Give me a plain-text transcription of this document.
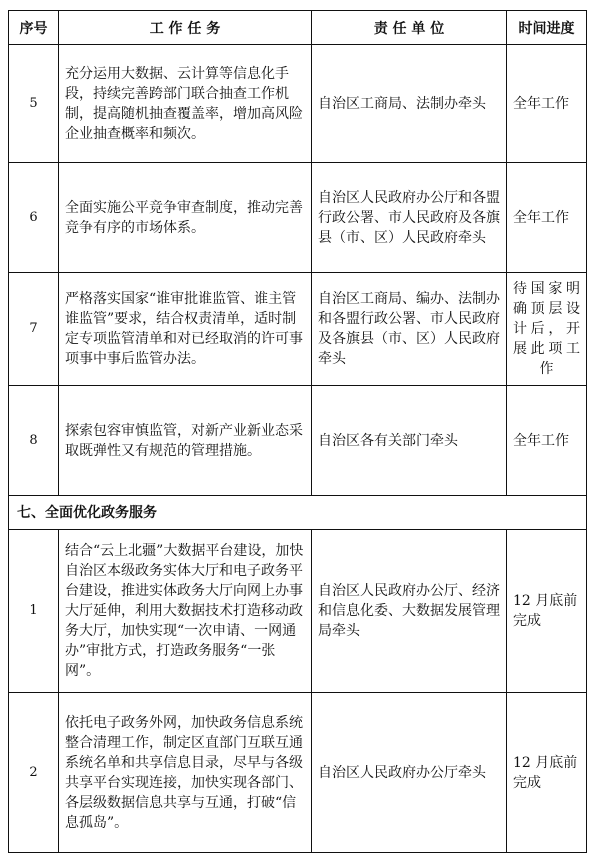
序号	工 作 任 务	责 任 单 位	时间进度
5	充分运用大数据、云计算等信息化手段，持续完善跨部门联合抽查工作机制，提高随机抽查覆盖率，增加高风险企业抽查概率和频次。	自治区工商局、法制办牵头	全年工作

6	全面实施公平竞争审查制度，推动完善竞争有序的市场体系。	自治区人民政府办公厅和各盟行政公署、市人民政府及各旗县（市、区）人民政府牵头	全年工作

7	严格落实国家“谁审批谁监管、谁主管谁监管”要求，结合权责清单，适时制定专项监管清单和对已经取消的许可事项事中事后监管办法。	自治区工商局、编办、法制办和各盟行政公署、市人民政府及各旗县（市、区）人民政府牵头	待国家明确顶层设计后，开展此项工作

8	探索包容审慎监管，对新产业新业态采取既弹性又有规范的管理措施。	自治区各有关部门牵头	全年工作

七、全面优化政务服务			
1	结合“云上北疆”大数据平台建设，加快自治区本级政务实体大厅和电子政务平台建设，推进实体政务大厅向网上办事大厅延伸，利用大数据技术打造移动政务大厅，加快实现“一次申请、一网通办”审批方式，打造政务服务“一张网”。	自治区人民政府办公厅、经济和信息化委、大数据发展管理局牵头	12 月底前完成

2	依托电子政务外网，加快政务信息系统整合清理工作，制定区直部门互联互通系统名单和共享信息目录，尽早与各级共享平台实现连接，加快实现各部门、各层级数据信息共享与互通，打破“信息孤岛”。	自治区人民政府办公厅牵头	12 月底前完成
